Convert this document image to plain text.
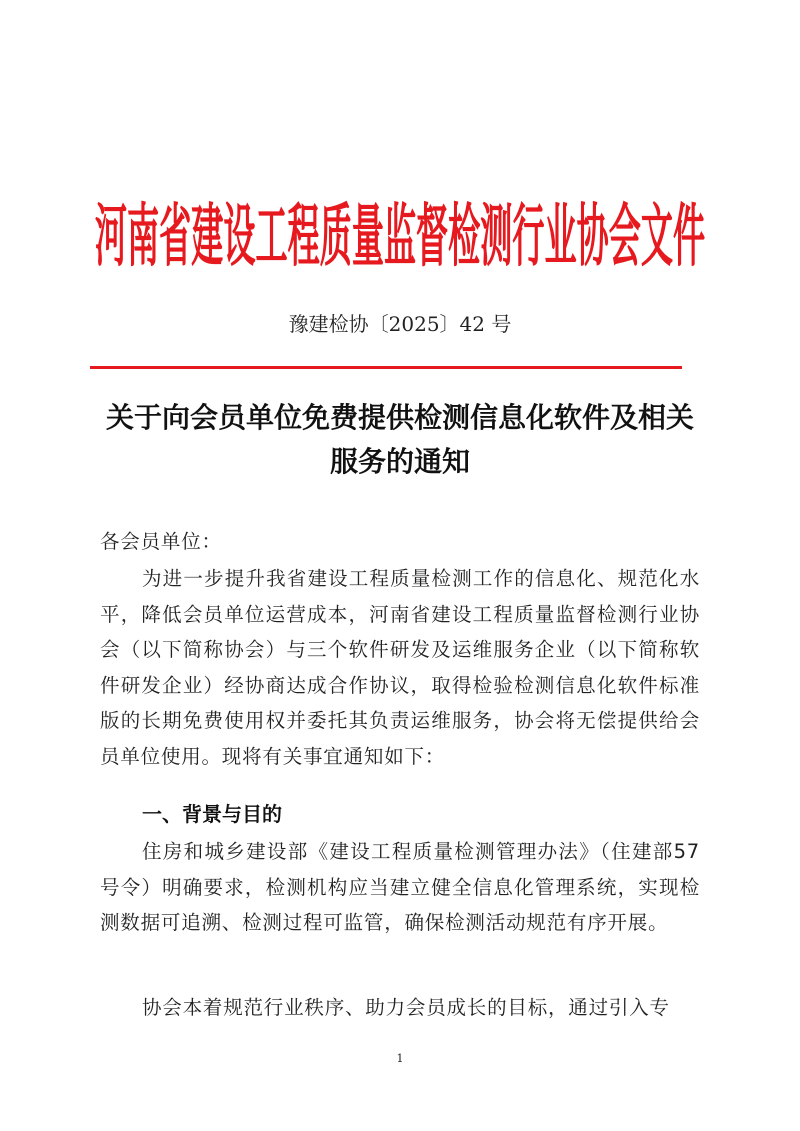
河南省建设工程质量监督检测行业协会文件
豫建检协〔2025〕42 号
关于向会员单位免费提供检测信息化软件及相关服务的通知
各会员单位：
为进一步提升我省建设工程质量检测工作的信息化、规范化水平，降低会员单位运营成本，河南省建设工程质量监督检测行业协会（以下简称协会）与三个软件研发及运维服务企业（以下简称软件研发企业）经协商达成合作协议，取得检验检测信息化软件标准版的长期免费使用权并委托其负责运维服务，协会将无偿提供给会员单位使用。现将有关事宜通知如下：
一、背景与目的
住房和城乡建设部《建设工程质量检测管理办法》（住建部57号令）明确要求，检测机构应当建立健全信息化管理系统，实现检测数据可追溯、检测过程可监管，确保检测活动规范有序开展。
协会本着规范行业秩序、助力会员成长的目标，通过引入专
1
